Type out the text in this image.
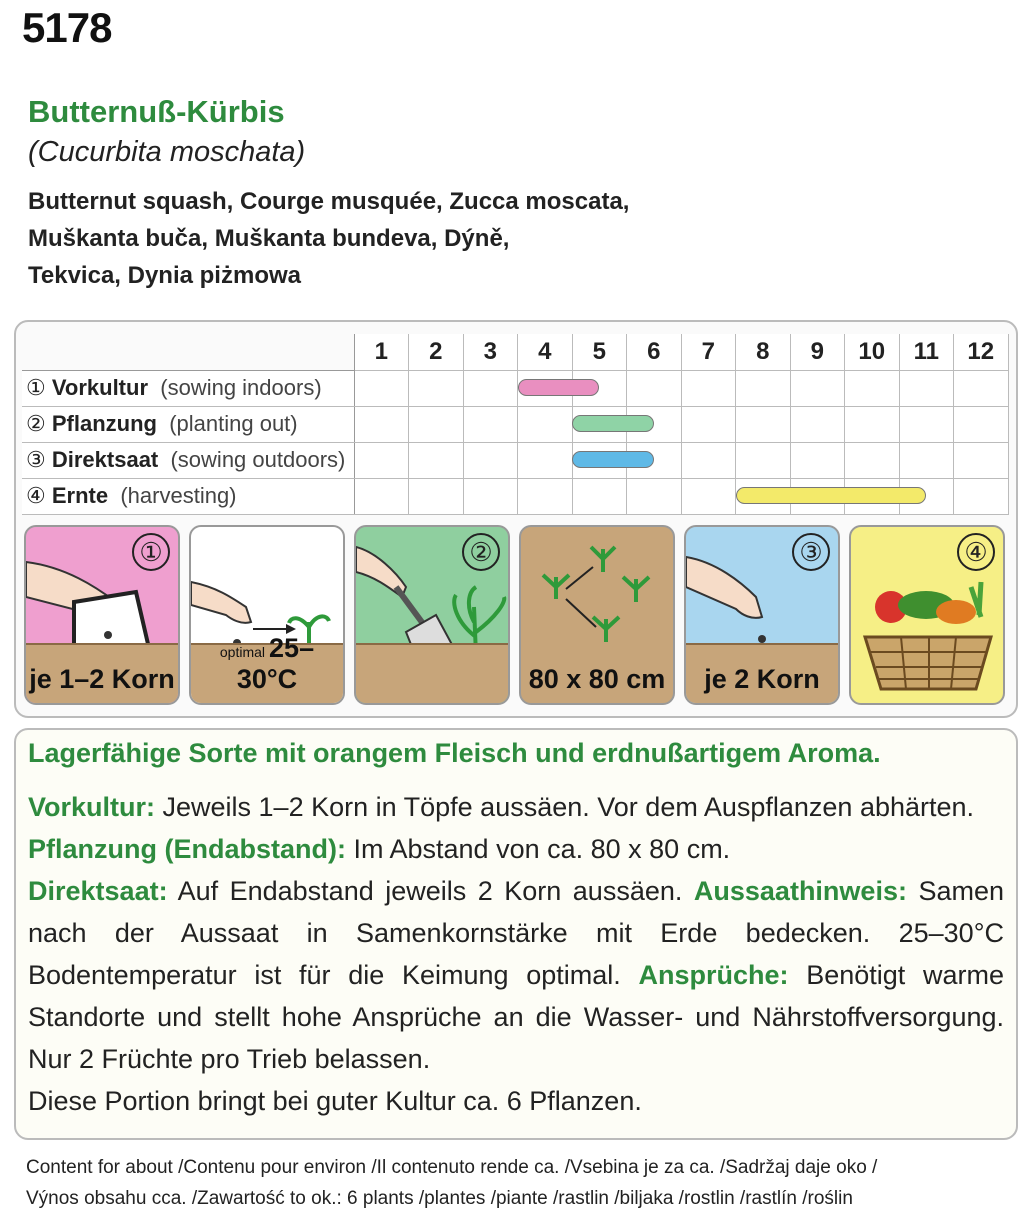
5178
Butternuß-Kürbis
(Cucurbita moschata)
Butternut squash, Courge musquée, Zucca moscata,
Muškanta buča, Muškanta bundeva, Dýně,
Tekvica, Dynia piżmowa
	1	2	3	4	5	6	7	8	9	10	11	12
① Vorkultur (sowing indoors)												
② Pflanzung (planting out)												
③ Direktsaat (sowing outdoors)												
④ Ernte (harvesting)												
①
je 1–2 Korn
optimal 25–30°C
②
80 x 80 cm
③
je 2 Korn
④
Lagerfähige Sorte mit orangem Fleisch und erdnußartigem Aroma.

Vorkultur: Jeweils 1–2 Korn in Töpfe aussäen. Vor dem Auspflanzen abhärten.

Pflanzung (Endabstand): Im Abstand von ca. 80 x 80 cm.

Direktsaat: Auf Endabstand jeweils 2 Korn aussäen. Aussaathinweis: Samen nach der Aussaat in Samenkornstärke mit Erde bedecken. 25–30°C Bodentemperatur ist für die Keimung optimal. Ansprüche: Benötigt warme Standorte und stellt hohe Ansprüche an die Wasser- und Nährstoffversorgung. Nur 2 Früchte pro Trieb belassen.

Diese Portion bringt bei guter Kultur ca. 6 Pflanzen.

Content for about /Contenu pour environ /Il contenuto rende ca. /Vsebina je za ca. /Sadržaj daje oko /
Výnos obsahu cca. /Zawartość to ok.: 6 plants /plantes /piante /rastlin /biljaka /rostlin /rastlín /roślin
